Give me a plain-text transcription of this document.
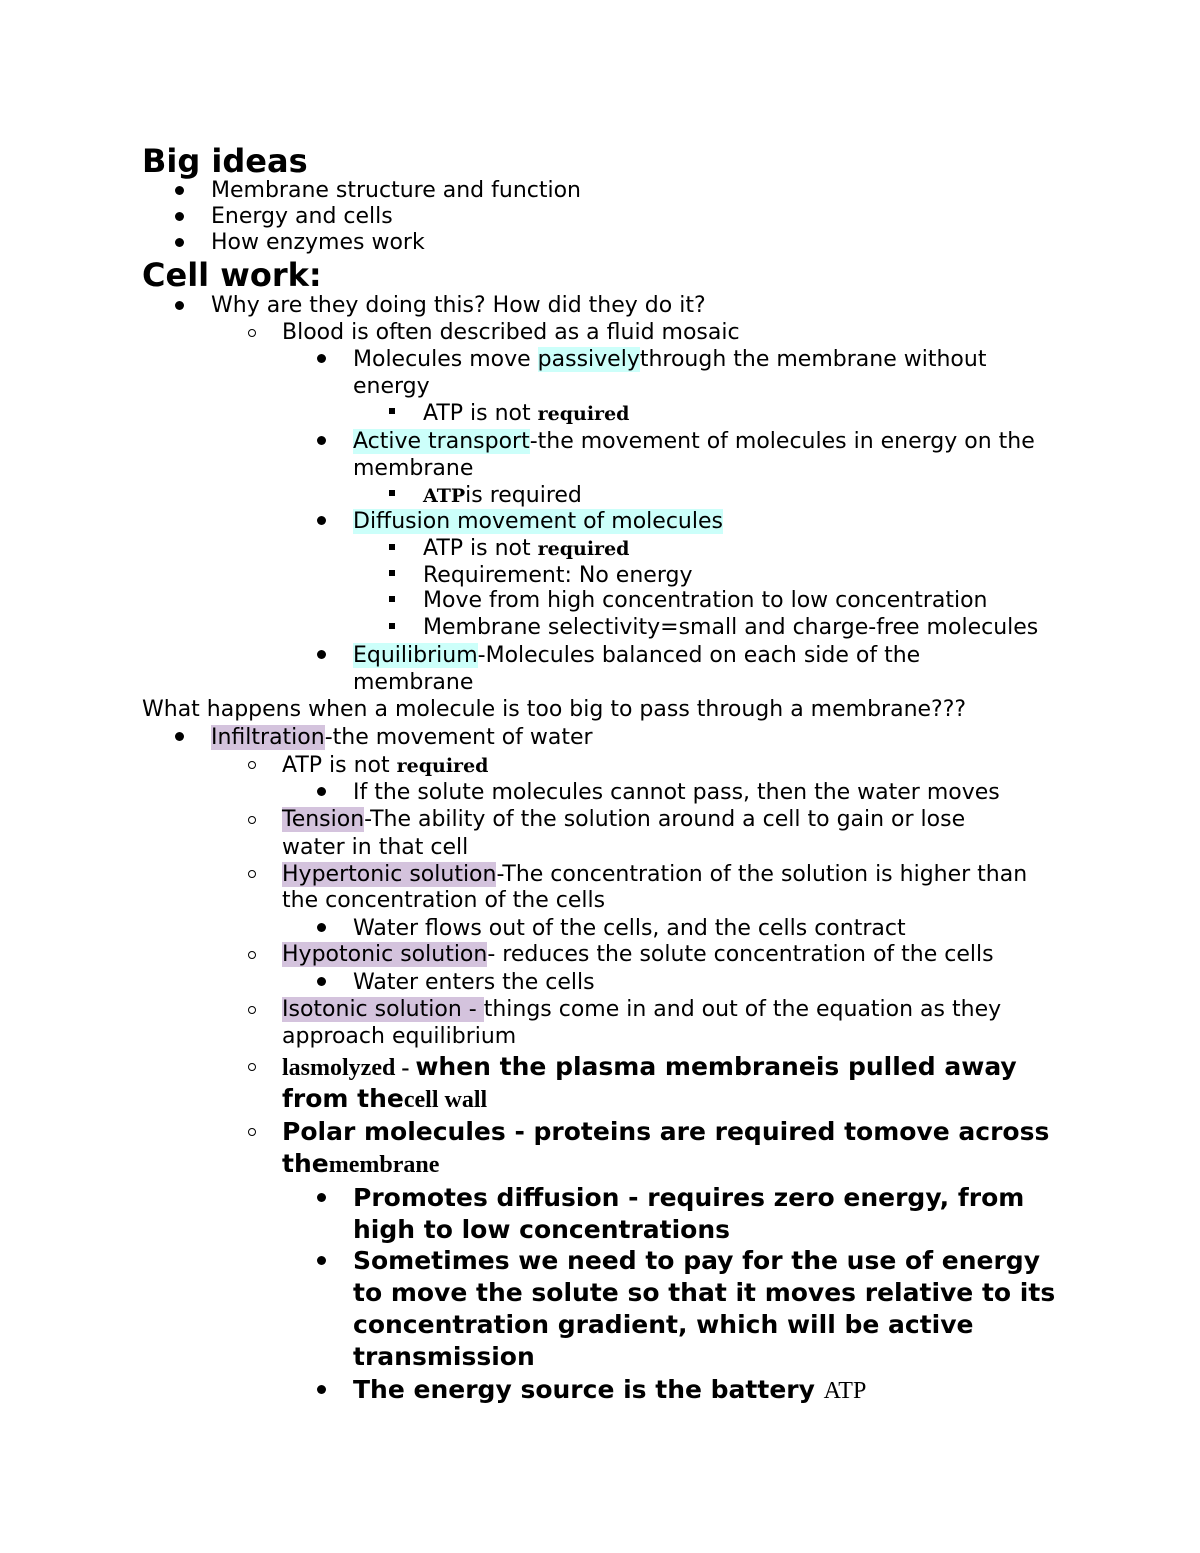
Big ideas
Membrane structure and function
Energy and cells
How enzymes work
Cell work:
Why are they doing this? How did they do it?
Blood is often described as a fluid mosaic
Molecules move passivelythrough the membrane without
energy
ATP is not required
Active transport-the movement of molecules in energy on the
membrane
ATPis required
Diffusion movement of molecules
ATP is not required
Requirement: No energy
Move from high concentration to low concentration
Membrane selectivity=small and charge-free molecules
Equilibrium-Molecules balanced on each side of the
membrane
What happens when a molecule is too big to pass through a membrane???
Infiltration-the movement of water
ATP is not required
If the solute molecules cannot pass, then the water moves
Tension-The ability of the solution around a cell to gain or lose
water in that cell
Hypertonic solution-The concentration of the solution is higher than
the concentration of the cells
Water flows out of the cells, and the cells contract
Hypotonic solution- reduces the solute concentration of the cells
Water enters the cells
Isotonic solution - things come in and out of the equation as they
approach equilibrium
lasmolyzed - when the plasma membraneis pulled away
from thecell wall
Polar molecules - proteins are required tomove across
themembrane
Promotes diffusion - requires zero energy, from
high to low concentrations
Sometimes we need to pay for the use of energy
to move the solute so that it moves relative to its
concentration gradient, which will be active
transmission
The energy source is the battery ATP
